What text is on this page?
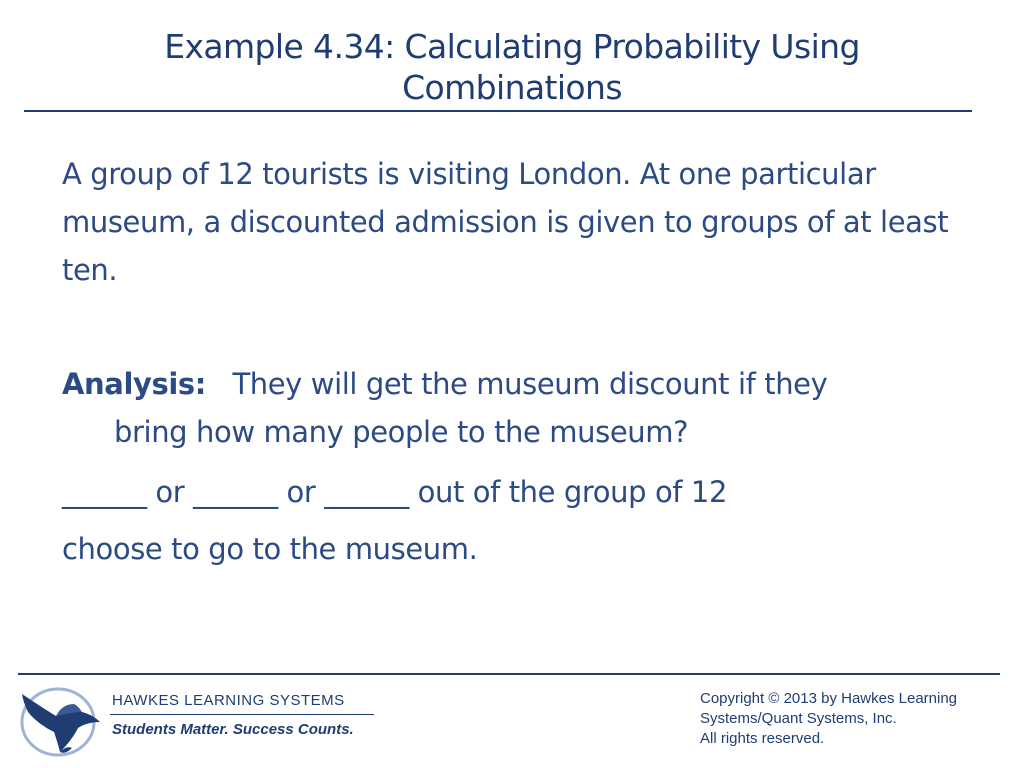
Example 4.34: Calculating Probability Using Combinations

A group of 12 tourists is visiting London. At one particular museum, a discounted admission is given to groups of at least ten.

Analysis: They will get the museum discount if they
bring how many people to the museum?
______ or ______ or ______ out of the group of 12
choose to go to the museum.
HAWKES LEARNING SYSTEMS
Students Matter. Success Counts.
Copyright © 2013 by Hawkes Learning
Systems/Quant Systems, Inc.
All rights reserved.
